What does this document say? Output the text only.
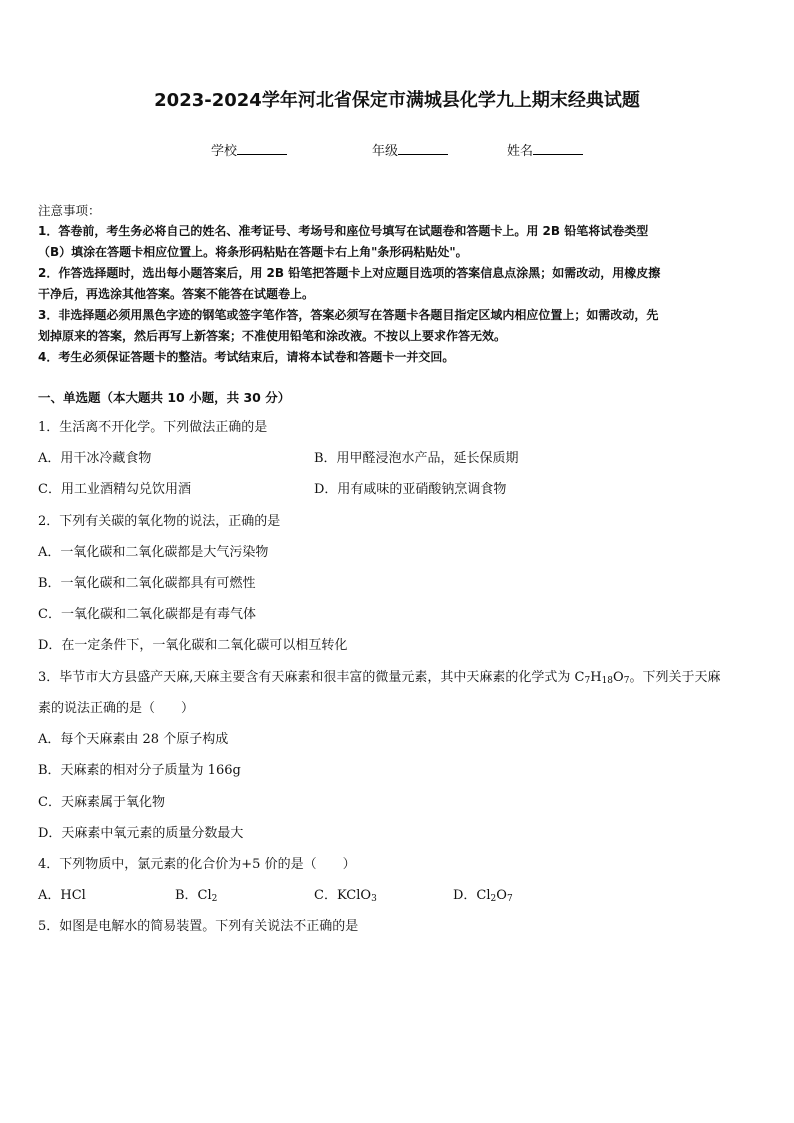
2023-2024学年河北省保定市满城县化学九上期末经典试题
学校	年级	姓名

注意事项：

1．答卷前，考生务必将自己的姓名、准考证号、考场号和座位号填写在试题卷和答题卡上。用 2B 铅笔将试卷类型

（B）填涂在答题卡相应位置上。将条形码粘贴在答题卡右上角"条形码粘贴处"。

2．作答选择题时，选出每小题答案后，用 2B 铅笔把答题卡上对应题目选项的答案信息点涂黑；如需改动，用橡皮擦

干净后，再选涂其他答案。答案不能答在试题卷上。

3．非选择题必须用黑色字迹的钢笔或签字笔作答，答案必须写在答题卡各题目指定区域内相应位置上；如需改动，先

划掉原来的答案，然后再写上新答案；不准使用铅笔和涂改液。不按以上要求作答无效。

4．考生必须保证答题卡的整洁。考试结束后，请将本试卷和答题卡一并交回。

一、单选题（本大题共 10 小题，共 30 分）
1．生活离不开化学。下列做法正确的是
A．用干冰冷藏食物	B．用甲醛浸泡水产品，延长保质期
C．用工业酒精勾兑饮用酒	D．用有咸味的亚硝酸钠烹调食物
2．下列有关碳的氧化物的说法，正确的是
A．一氧化碳和二氧化碳都是大气污染物
B．一氧化碳和二氧化碳都具有可燃性
C．一氧化碳和二氧化碳都是有毒气体
D．在一定条件下，一氧化碳和二氧化碳可以相互转化
3．毕节市大方县盛产天麻,天麻主要含有天麻素和很丰富的微量元素，其中天麻素的化学式为 $C_7H_{18}O_7$。下列关于天麻
素的说法正确的是（　　）
A．每个天麻素由 28 个原子构成
B．天麻素的相对分子质量为 166g
C．天麻素属于氧化物
D．天麻素中氧元素的质量分数最大
4．下列物质中，氯元素的化合价为+5 价的是（　　）
A．HCl	B．$Cl_2$	C．KClO$_3$	D．$Cl_2O_7$
5．如图是电解水的简易装置。下列有关说法不正确的是
